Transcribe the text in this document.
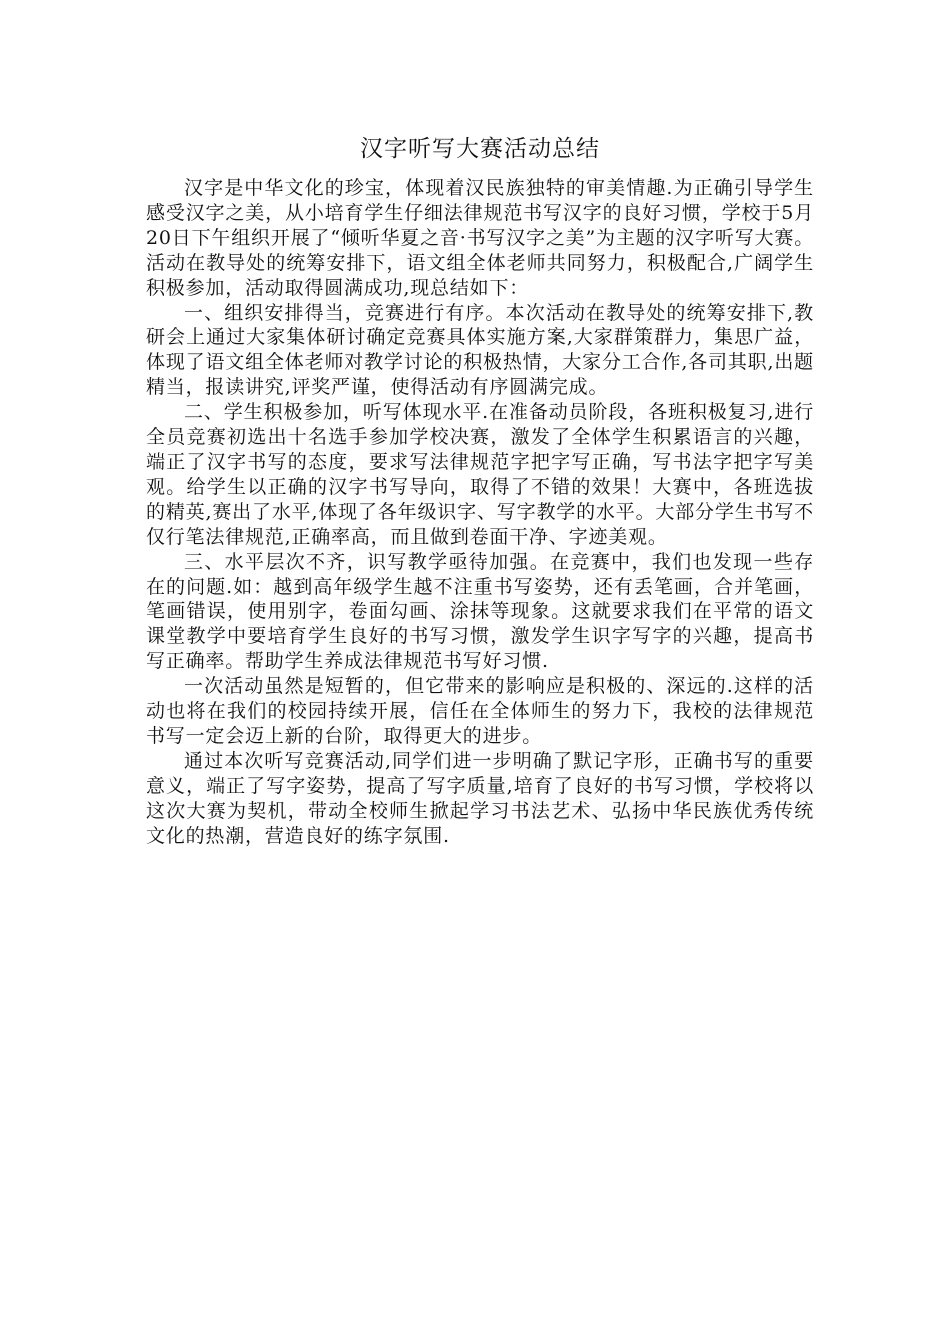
汉字听写大赛活动总结

汉字是中华文化的珍宝，体现着汉民族独特的审美情趣.为正确引导学生感受汉字之美，从小培育学生仔细法律规范书写汉字的良好习惯，学校于5月20日下午组织开展了“倾听华夏之音·书写汉字之美”为主题的汉字听写大赛。活动在教导处的统筹安排下，语文组全体老师共同努力，积极配合,广阔学生积极参加，活动取得圆满成功,现总结如下：

一、组织安排得当，竞赛进行有序。本次活动在教导处的统筹安排下,教研会上通过大家集体研讨确定竞赛具体实施方案,大家群策群力，集思广益，体现了语文组全体老师对教学讨论的积极热情，大家分工合作,各司其职,出题精当，报读讲究,评奖严谨，使得活动有序圆满完成。

二、学生积极参加，听写体现水平.在准备动员阶段，各班积极复习,进行全员竞赛初选出十名选手参加学校决赛，激发了全体学生积累语言的兴趣，端正了汉字书写的态度，要求写法律规范字把字写正确，写书法字把字写美观。给学生以正确的汉字书写导向，取得了不错的效果！大赛中，各班选拔的精英,赛出了水平,体现了各年级识字、写字教学的水平。大部分学生书写不仅行笔法律规范,正确率高，而且做到卷面干净、字迹美观。

三、水平层次不齐，识写教学亟待加强。在竞赛中，我们也发现一些存在的问题.如：越到高年级学生越不注重书写姿势，还有丢笔画，合并笔画，笔画错误，使用别字，卷面勾画、涂抹等现象。这就要求我们在平常的语文课堂教学中要培育学生良好的书写习惯，激发学生识字写字的兴趣，提高书写正确率。帮助学生养成法律规范书写好习惯.

一次活动虽然是短暂的，但它带来的影响应是积极的、深远的.这样的活动也将在我们的校园持续开展，信任在全体师生的努力下，我校的法律规范书写一定会迈上新的台阶，取得更大的进步。

通过本次听写竞赛活动,同学们进一步明确了默记字形，正确书写的重要意义，端正了写字姿势，提高了写字质量,培育了良好的书写习惯，学校将以这次大赛为契机，带动全校师生掀起学习书法艺术、弘扬中华民族优秀传统文化的热潮，营造良好的练字氛围.
